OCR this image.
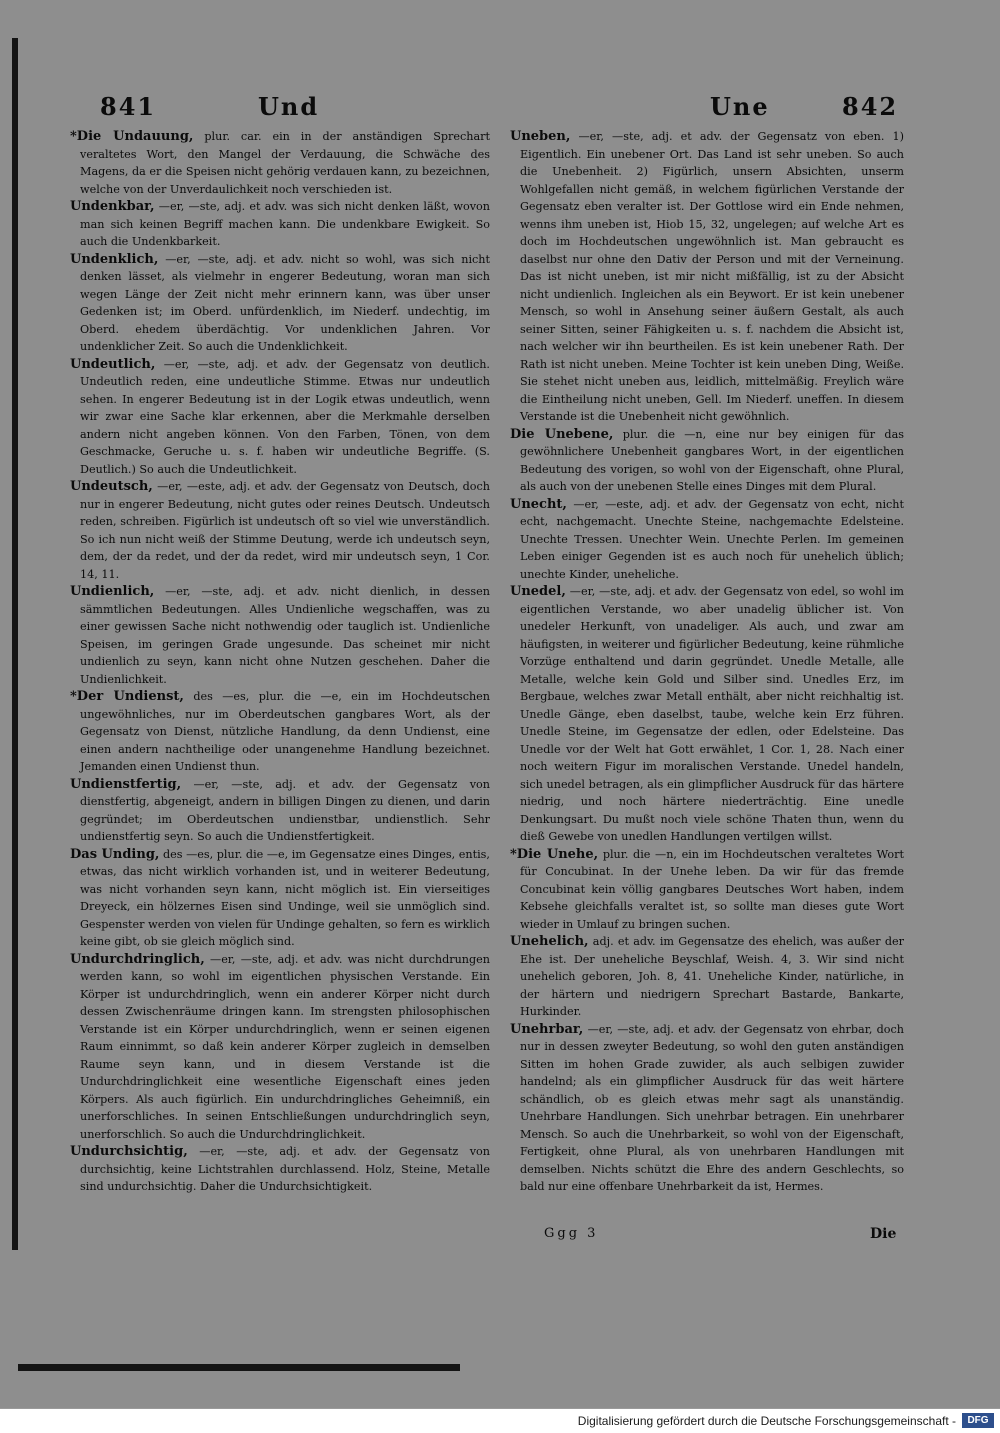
841	Und	Une	842

*Die Undauung, plur. car. ein in der anständigen Sprechart veraltetes Wort, den Mangel der Verdauung, die Schwäche des Magens, da er die Speisen nicht gehörig verdauen kann, zu bezeichnen, welche von der Unverdaulichkeit noch verschieden ist.

Undenkbar, —er, —ste, adj. et adv. was sich nicht denken läßt, wovon man sich keinen Begriff machen kann. Die undenkbare Ewigkeit. So auch die Undenkbarkeit.

Undenklich, —er, —ste, adj. et adv. nicht so wohl, was sich nicht denken lässet, als vielmehr in engerer Bedeutung, woran man sich wegen Länge der Zeit nicht mehr erinnern kann, was über unser Gedenken ist; im Oberd. unfürdenklich, im Niederf. undechtig, im Oberd. ehedem überdächtig. Vor undenklichen Jahren. Vor undenklicher Zeit. So auch die Undenklichkeit.

Undeutlich, —er, —ste, adj. et adv. der Gegensatz von deutlich. Undeutlich reden, eine undeutliche Stimme. Etwas nur undeutlich sehen. In engerer Bedeutung ist in der Logik etwas undeutlich, wenn wir zwar eine Sache klar erkennen, aber die Merkmahle derselben andern nicht angeben können. Von den Farben, Tönen, von dem Geschmacke, Geruche u. s. f. haben wir undeutliche Begriffe. (S. Deutlich.) So auch die Undeutlichkeit.

Undeutsch, —er, —este, adj. et adv. der Gegensatz von Deutsch, doch nur in engerer Bedeutung, nicht gutes oder reines Deutsch. Undeutsch reden, schreiben. Figürlich ist undeutsch oft so viel wie unverständlich. So ich nun nicht weiß der Stimme Deutung, werde ich undeutsch seyn, dem, der da redet, und der da redet, wird mir undeutsch seyn, 1 Cor. 14, 11.

Undienlich, —er, —ste, adj. et adv. nicht dienlich, in dessen sämmtlichen Bedeutungen. Alles Undienliche wegschaffen, was zu einer gewissen Sache nicht nothwendig oder tauglich ist. Undienliche Speisen, im geringen Grade ungesunde. Das scheinet mir nicht undienlich zu seyn, kann nicht ohne Nutzen geschehen. Daher die Undienlichkeit.

*Der Undienst, des —es, plur. die —e, ein im Hochdeutschen ungewöhnliches, nur im Oberdeutschen gangbares Wort, als der Gegensatz von Dienst, nützliche Handlung, da denn Undienst, eine einen andern nachtheilige oder unangenehme Handlung bezeichnet. Jemanden einen Undienst thun.

Undienstfertig, —er, —ste, adj. et adv. der Gegensatz von dienstfertig, abgeneigt, andern in billigen Dingen zu dienen, und darin gegründet; im Oberdeutschen undienstbar, undienstlich. Sehr undienstfertig seyn. So auch die Undienstfertigkeit.

Das Unding, des —es, plur. die —e, im Gegensatze eines Dinges, entis, etwas, das nicht wirklich vorhanden ist, und in weiterer Bedeutung, was nicht vorhanden seyn kann, nicht möglich ist. Ein vierseitiges Dreyeck, ein hölzernes Eisen sind Undinge, weil sie unmöglich sind. Gespenster werden von vielen für Undinge gehalten, so fern es wirklich keine gibt, ob sie gleich möglich sind.

Undurchdringlich, —er, —ste, adj. et adv. was nicht durchdrungen werden kann, so wohl im eigentlichen physischen Verstande. Ein Körper ist undurchdringlich, wenn ein anderer Körper nicht durch dessen Zwischenräume dringen kann. Im strengsten philosophischen Verstande ist ein Körper undurchdringlich, wenn er seinen eigenen Raum einnimmt, so daß kein anderer Körper zugleich in demselben Raume seyn kann, und in diesem Verstande ist die Undurchdringlichkeit eine wesentliche Eigenschaft eines jeden Körpers. Als auch figürlich. Ein undurchdringliches Geheimniß, ein unerforschliches. In seinen Entschließungen undurchdringlich seyn, unerforschlich. So auch die Undurchdringlichkeit.

Undurchsichtig, —er, —ste, adj. et adv. der Gegensatz von durchsichtig, keine Lichtstrahlen durchlassend. Holz, Steine, Metalle sind undurchsichtig. Daher die Undurchsichtigkeit.

Uneben, —er, —ste, adj. et adv. der Gegensatz von eben. 1) Eigentlich. Ein unebener Ort. Das Land ist sehr uneben. So auch die Unebenheit. 2) Figürlich, unsern Absichten, unserm Wohlgefallen nicht gemäß, in welchem figürlichen Verstande der Gegensatz eben veralter ist. Der Gottlose wird ein Ende nehmen, wenns ihm uneben ist, Hiob 15, 32, ungelegen; auf welche Art es doch im Hochdeutschen ungewöhnlich ist. Man gebraucht es daselbst nur ohne den Dativ der Person und mit der Verneinung. Das ist nicht uneben, ist mir nicht mißfällig, ist zu der Absicht nicht undienlich. Ingleichen als ein Beywort. Er ist kein unebener Mensch, so wohl in Ansehung seiner äußern Gestalt, als auch seiner Sitten, seiner Fähigkeiten u. s. f. nachdem die Absicht ist, nach welcher wir ihn beurtheilen. Es ist kein unebener Rath. Der Rath ist nicht uneben. Meine Tochter ist kein uneben Ding, Weiße. Sie stehet nicht uneben aus, leidlich, mittelmäßig. Freylich wäre die Eintheilung nicht uneben, Gell. Im Niederf. uneffen. In diesem Verstande ist die Unebenheit nicht gewöhnlich.

Die Unebene, plur. die —n, eine nur bey einigen für das gewöhnlichere Unebenheit gangbares Wort, in der eigentlichen Bedeutung des vorigen, so wohl von der Eigenschaft, ohne Plural, als auch von der unebenen Stelle eines Dinges mit dem Plural.

Unecht, —er, —este, adj. et adv. der Gegensatz von echt, nicht echt, nachgemacht. Unechte Steine, nachgemachte Edelsteine. Unechte Tressen. Unechter Wein. Unechte Perlen. Im gemeinen Leben einiger Gegenden ist es auch noch für unehelich üblich; unechte Kinder, uneheliche.

Unedel, —er, —ste, adj. et adv. der Gegensatz von edel, so wohl im eigentlichen Verstande, wo aber unadelig üblicher ist. Von unedeler Herkunft, von unadeliger. Als auch, und zwar am häufigsten, in weiterer und figürlicher Bedeutung, keine rühmliche Vorzüge enthaltend und darin gegründet. Unedle Metalle, alle Metalle, welche kein Gold und Silber sind. Unedles Erz, im Bergbaue, welches zwar Metall enthält, aber nicht reichhaltig ist. Unedle Gänge, eben daselbst, taube, welche kein Erz führen. Unedle Steine, im Gegensatze der edlen, oder Edelsteine. Das Unedle vor der Welt hat Gott erwählet, 1 Cor. 1, 28. Nach einer noch weitern Figur im moralischen Verstande. Unedel handeln, sich unedel betragen, als ein glimpflicher Ausdruck für das härtere niedrig, und noch härtere niederträchtig. Eine unedle Denkungsart. Du mußt noch viele schöne Thaten thun, wenn du dieß Gewebe von unedlen Handlungen vertilgen willst.

*Die Unehe, plur. die —n, ein im Hochdeutschen veraltetes Wort für Concubinat. In der Unehe leben. Da wir für das fremde Concubinat kein völlig gangbares Deutsches Wort haben, indem Kebsehe gleichfalls veraltet ist, so sollte man dieses gute Wort wieder in Umlauf zu bringen suchen.

Unehelich, adj. et adv. im Gegensatze des ehelich, was außer der Ehe ist. Der uneheliche Beyschlaf, Weish. 4, 3. Wir sind nicht unehelich geboren, Joh. 8, 41. Uneheliche Kinder, natürliche, in der härtern und niedrigern Sprechart Bastarde, Bankarte, Hurkinder.

Unehrbar, —er, —ste, adj. et adv. der Gegensatz von ehrbar, doch nur in dessen zweyter Bedeutung, so wohl den guten anständigen Sitten im hohen Grade zuwider, als auch selbigen zuwider handelnd; als ein glimpflicher Ausdruck für das weit härtere schändlich, ob es gleich etwas mehr sagt als unanständig. Unehrbare Handlungen. Sich unehrbar betragen. Ein unehrbarer Mensch. So auch die Unehrbarkeit, so wohl von der Eigenschaft, Fertigkeit, ohne Plural, als von unehrbaren Handlungen mit demselben. Nichts schützt die Ehre des andern Geschlechts, so bald nur eine offenbare Unehrbarkeit da ist, Hermes.

Ggg 3	Die
Digitalisierung gefördert durch die Deutsche Forschungsgemeinschaft -	DFG
